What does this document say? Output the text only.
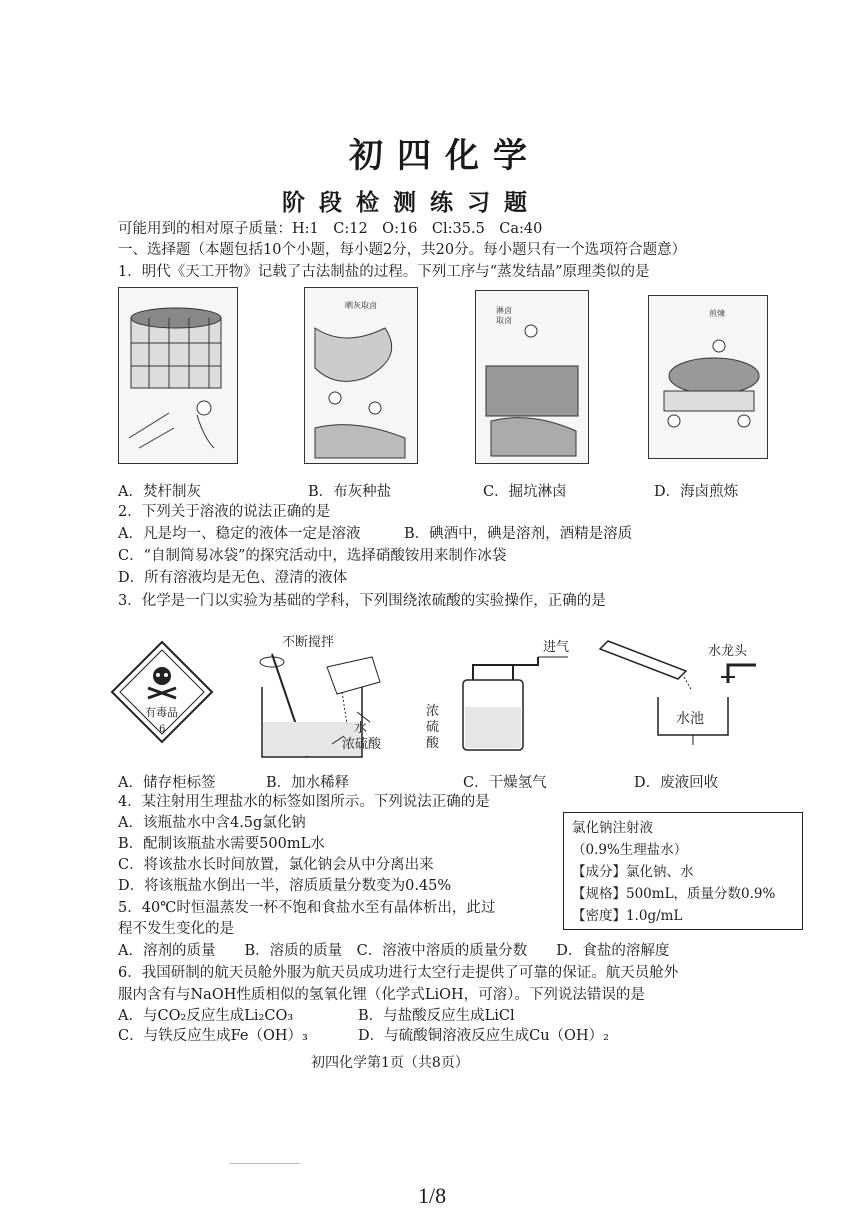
初四化学
阶段检测练习题
可能用到的相对原子质量：H:1　C:12　O:16　Cl:35.5　Ca:40
一、选择题（本题包括10个小题，每小题2分，共20分。每小题只有一个选项符合题意）
1．明代《天工开物》记载了古法制盐的过程。下列工序与“蒸发结晶”原理类似的是
晒灰取卤
淋卤
取卤
煎煉
A．焚杆制灰	B．布灰种盐	C．掘坑淋卤	D．海卤煎炼
2．下列关于溶液的说法正确的是
A．凡是均一、稳定的液体一定是溶液　　　B．碘酒中，碘是溶剂，酒精是溶质
C．“自制简易冰袋”的探究活动中，选择硝酸铵用来制作冰袋
D．所有溶液均是无色、澄清的液体
3．化学是一门以实验为基础的学科，下列围绕浓硫酸的实验操作，正确的是
有毒品
6
不断搅拌
水
浓硫酸
进气
浓
硫
酸
水龙头
水池
A．储存柜标签	B．加水稀释	C．干燥氢气	D．废液回收
4．某注射用生理盐水的标签如图所示。下列说法正确的是
A．该瓶盐水中含4.5g氯化钠
B．配制该瓶盐水需要500mL水
C．将该盐水长时间放置，氯化钠会从中分离出来
D．将该瓶盐水倒出一半，溶质质量分数变为0.45%
氯化钠注射液
（0.9%生理盐水）
【成分】氯化钠、水
【规格】500mL，质量分数0.9%
【密度】1.0g/mL
5．40℃时恒温蒸发一杯不饱和食盐水至有晶体析出，此过
程不发生变化的是
A．溶剂的质量　　B．溶质的质量　C．溶液中溶质的质量分数　　D．食盐的溶解度
6．我国研制的航天员舱外服为航天员成功进行太空行走提供了可靠的保证。航天员舱外
服内含有与NaOH性质相似的氢氧化锂（化学式LiOH，可溶）。下列说法错误的是
A．与CO₂反应生成Li₂CO₃	B．与盐酸反应生成LiCl
C．与铁反应生成Fe（OH）₃	D．与硫酸铜溶液反应生成Cu（OH）₂
初四化学第1页（共8页）
1/8
